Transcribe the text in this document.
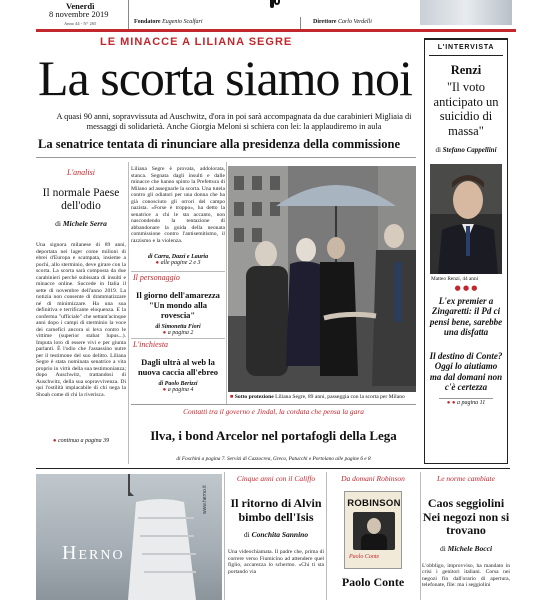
Venerdì
8 novembre 2019
Anno 44 - N° 265	Fondatore Eugenio Scalfari	Direttore Carlo Verdelli
LE MINACCE A LILIANA SEGRE
La scorta siamo noi
A quasi 90 anni, sopravvissuta ad Auschwitz, d'ora in poi sarà accompagnata da due carabinieri Migliaia di messaggi di solidarietà. Anche Giorgia Meloni si schiera con lei: la applaudiremo in aula
La senatrice tentata di rinunciare alla presidenza della commissione
L'analisi
Il normale Paese dell'odio
di Michele Serra
Una signora milanese di 89 anni, deportata nei lager come milioni di ebrei d'Europa e scampata, insieme a pochi, allo sterminio, deve girare con la scorta. La scorta sarà composta da due carabinieri perché subissata di insulti e minacce online. Succede in Italia il sette di novembre dell'anno 2019. La notizia non consente di drammatizzare né di minimizzare. Ha una sua definitiva e terrificante eloquenza. E la conferma "ufficiale" che settant'acinque anni dopo i campi di sterminio la voce dei carnefici ancora si leva contro le vittime (superior stabat lupus...). Imputa loro di essere vivi e per giunta parlanti. È l'odio che l'assassino nutre per il testimone del suo delitto. Liliana Segre è stata nominata senatrice a vita proprio in virtù della sua testimonianza; dopo Auschwitz, trattandosi di Auschwitz, della sua sopravvivenza. Di qui l'ostilità implacabile di chi nega la Shoah come di chi la riverisca.
● continua a pagina 39
Liliana Segre è provata, addolorata, stanca. Segnata dagli insulti e dalle minacce che hanno spinto la Prefettura di Milano ad assegnarle la scorta. Una tutela contro gli odiatori per una donna che ha già conosciuto gli orrori del campo nazista. «Forse è troppo», ha detto la senatrice a chi le sta accanto, non nascondendo la tentazione di abbandonare la guida della neonata commissione contro l'antisemitismo, il razzismo e la violenza.
di Carra, Dazzi e Lauria
● alle pagine 2 e 3
Il personaggio
Il giorno dell'amarezza "Un mondo alla rovescia"
di Simonetta Fiori
● a pagina 2
L'inchiesta
Dagli ultrà al web la nuova caccia all'ebreo
di Paolo Berizzi
● a pagina 4
■ Sotto protezione Liliana Segre, 89 anni, passeggia con la scorta per Milano
L'INTERVISTA
Renzi
"Il voto anticipato un suicidio di massa"
di Stefano Cappellini
Matteo Renzi, 44 anni
● ● ●
L'ex premier a Zingaretti: il Pd ci pensi bene, sarebbe una disfatta
Il destino di Conte? Oggi lo aiutiamo ma dal domani non c'è certezza
● ● a pagina 11
Contatti tra il governo e Jindal, la cordata che pensa la gara
Ilva, i bond Arcelor nel portafogli della Lega
di Foschini a pagina 7. Servizi di Cazzocrea, Greco, Patucchi e Portolano alle pagine 6 e 8
Herno
www.herno.it
Cinque anni con il Califfo
Il ritorno di Alvin bimbo dell'Isis
di Conchita Sannino
Una videochiamata. Il padre che, prima di correre verso Fiumicino ad attendere quel figlio, accarezza lo schermo. «Chi ti sta portando via
Da domani Robinson
ROBINSON
Paolo Conte
Paolo Conte
Le norme cambiate
Caos seggiolini Nei negozi non si trovano
di Michele Bocci
L'obbligo, improvviso, ha mandato in crisi i genitori italiani. Corsa nei negozi fin dall'orario di apertura, telefonate, file: ma i seggiolini
